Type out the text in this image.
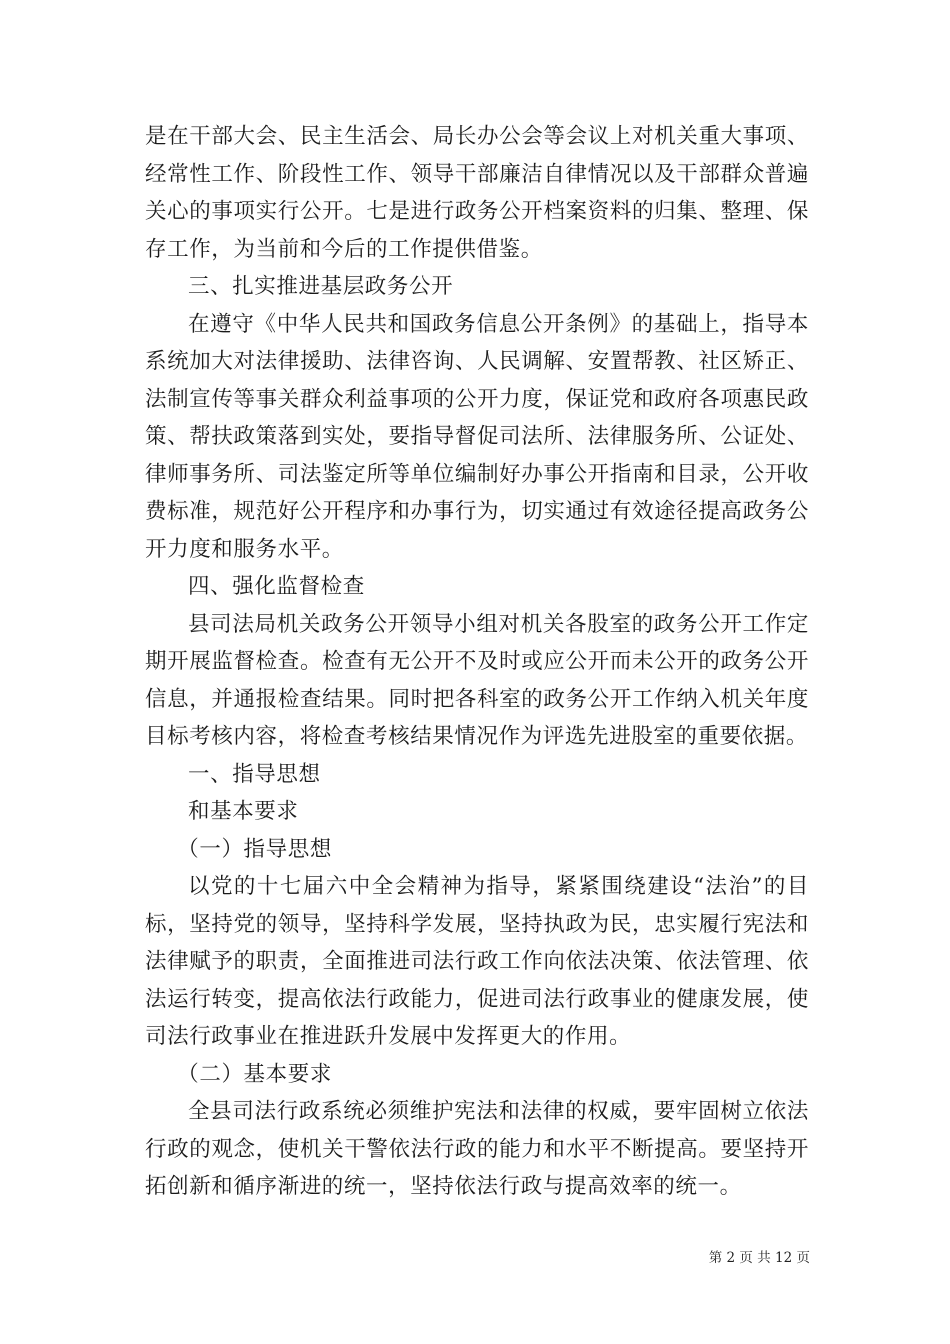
是在干部大会、民主生活会、局长办公会等会议上对机关重大事项、经常性工作、阶段性工作、领导干部廉洁自律情况以及干部群众普遍关心的事项实行公开。七是进行政务公开档案资料的归集、整理、保存工作，为当前和今后的工作提供借鉴。

三、扎实推进基层政务公开

在遵守《中华人民共和国政务信息公开条例》的基础上，指导本系统加大对法律援助、法律咨询、人民调解、安置帮教、社区矫正、法制宣传等事关群众利益事项的公开力度，保证党和政府各项惠民政策、帮扶政策落到实处，要指导督促司法所、法律服务所、公证处、律师事务所、司法鉴定所等单位编制好办事公开指南和目录，公开收费标准，规范好公开程序和办事行为，切实通过有效途径提高政务公开力度和服务水平。

四、强化监督检查

县司法局机关政务公开领导小组对机关各股室的政务公开工作定期开展监督检查。检查有无公开不及时或应公开而未公开的政务公开信息，并通报检查结果。同时把各科室的政务公开工作纳入机关年度目标考核内容，将检查考核结果情况作为评选先进股室的重要依据。

一、指导思想

和基本要求

（一）指导思想

以党的十七届六中全会精神为指导，紧紧围绕建设“法治”的目标，坚持党的领导，坚持科学发展，坚持执政为民，忠实履行宪法和法律赋予的职责，全面推进司法行政工作向依法决策、依法管理、依法运行转变，提高依法行政能力，促进司法行政事业的健康发展，使司法行政事业在推进跃升发展中发挥更大的作用。

（二）基本要求

全县司法行政系统必须维护宪法和法律的权威，要牢固树立依法行政的观念，使机关干警依法行政的能力和水平不断提高。要坚持开拓创新和循序渐进的统一，坚持依法行政与提高效率的统一。

第 2 页 共 12 页
